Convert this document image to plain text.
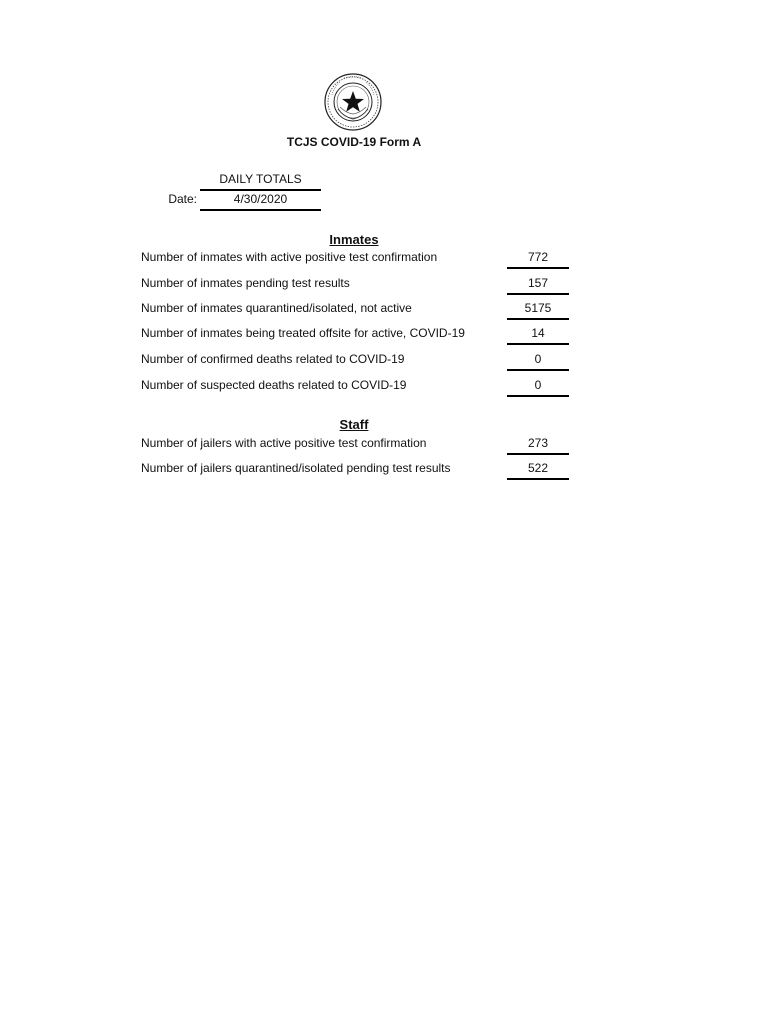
TCJS COVID-19 Form A
DAILY TOTALS
Date:	4/30/2020
Inmates
Number of inmates with active positive test confirmation	772
Number of inmates pending test results	157
Number of inmates quarantined/isolated, not active	5175
Number of inmates being treated offsite for active, COVID-19	14
Number of confirmed deaths related to COVID-19	0
Number of suspected deaths related to COVID-19	0
Staff
Number of jailers with active positive test confirmation	273
Number of jailers quarantined/isolated pending test results	522
